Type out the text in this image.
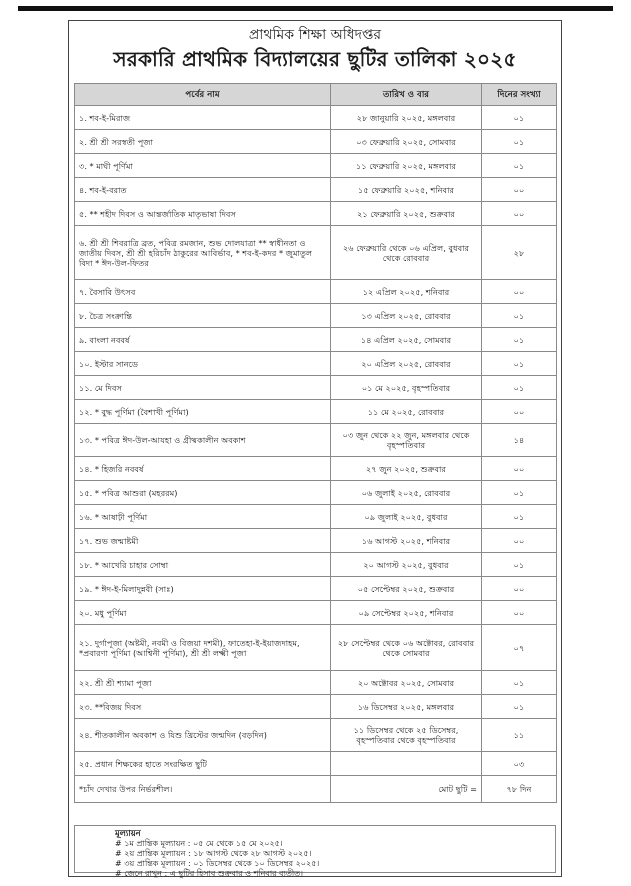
প্রাথমিক শিক্ষা অধিদপ্তর
সরকারি প্রাথমিক বিদ্যালয়ের ছুটির তালিকা ২০২৫
পর্বের নাম	তারিখ ও বার	দিনের সংখ্যা
১. শব-ই-মিরাজ	২৮ জানুয়ারি ২০২৫, মঙ্গলবার	০১
২. শ্রী শ্রী সরস্বতী পূজা	০৩ ফেব্রুয়ারি ২০২৫, সোমবার	০১
৩. * মাঘী পূর্ণিমা	১১ ফেব্রুয়ারি ২০২৫, মঙ্গলবার	০১
৪. শব-ই-বরাত	১৫ ফেব্রুয়ারি ২০২৫, শনিবার	০০
৫. ** শহীদ দিবস ও আন্তর্জাতিক মাতৃভাষা দিবস	২১ ফেব্রুয়ারি ২০২৫, শুক্রবার	০০
৬. শ্রী শ্রী শিবরাত্রি ব্রত, পবিত্র রমজান, শুভ দোলযাত্রা ** স্বাধীনতা ও জাতীয় দিবস, শ্রী শ্রী হরিচাঁদ ঠাকুরের আবির্ভাব, * শব-ই-কদর * জুমাতুল বিদা * ঈদ-উল-ফিতর	২৬ ফেব্রুয়ারি থেকে ০৬ এপ্রিল, বুধবার থেকে রোববার	২৮
৭. বৈসাবি উৎসব	১২ এপ্রিল ২০২৫, শনিবার	০০
৮. চৈত্র সংক্রান্তি	১৩ এপ্রিল ২০২৫, রোববার	০১
৯. বাংলা নববর্ষ	১৪ এপ্রিল ২০২৫, সোমবার	০১
১০. ইস্টার সানডে	২০ এপ্রিল ২০২৫, রোববার	০১
১১. মে দিবস	০১ মে ২০২৫, বৃহস্পতিবার	০১
১২. * বুদ্ধ পূর্ণিমা (বৈশাখী পূর্ণিমা)	১১ মে ২০২৫, রোববার	০০
১৩. * পবিত্র ঈদ-উল-আযহা ও গ্রীষ্মকালীন অবকাশ	০৩ জুন থেকে ২২ জুন, মঙ্গলবার থেকে বৃহস্পতিবার	১৪
১৪. * হিজরি নববর্ষ	২৭ জুন ২০২৫, শুক্রবার	০০
১৫. * পবিত্র আশুরা (মহররম)	০৬ জুলাই ২০২৫, রোববার	০১
১৬. * আষাঢ়ী পূর্ণিমা	০৯ জুলাই ২০২৫, বুধবার	০১
১৭. শুভ জন্মাষ্টমী	১৬ আগস্ট ২০২৫, শনিবার	০০
১৮. * আখেরি চাহার সোম্বা	২০ আগস্ট ২০২৫, বুধবার	০১
১৯. * ঈদ-ই-মিলাদুন্নবী (সাঃ)	০৫ সেপ্টেম্বর ২০২৫, শুক্রবার	০০
২০. মধু পূর্ণিমা	০৯ সেপ্টেম্বর ২০২৫, শনিবার	০০
২১. দুর্গাপূজা (অষ্টমী, নবমী ও বিজয়া দশমী), ফাতেহা-ই-ইয়াজদাহম, *প্রবারণা পূর্ণিমা (আশ্বিনী পূর্ণিমা), শ্রী শ্রী লক্ষ্মী পূজা	২৮ সেপ্টেম্বর থেকে ০৬ অক্টোবর, রোববার থেকে সোমবার	০৭
২২. শ্রী শ্রী শ্যামা পূজা	২০ অক্টোবর ২০২৫, সোমবার	০১
২৩. **বিজয় দিবস	১৬ ডিসেম্বর ২০২৫, মঙ্গলবার	০১
২৪. শীতকালীন অবকাশ ও যিশু খ্রিস্টের জন্মদিন (বড়দিন)	১১ ডিসেম্বর থেকে ২৫ ডিসেম্বর, বৃহস্পতিবার থেকে বৃহস্পতিবার	১১
২৫. প্রধান শিক্ষকের হাতে সংরক্ষিত ছুটি		০৩
*চাঁদ দেখার উপর নির্ভরশীল।	মোট ছুটি =	৭৮ দিন
মূল্যায়ন
# ১ম প্রান্তিক মূল্যায়ন : ০৫ মে থেকে ১৫ মে ২০২৫।
# ২য় প্রান্তিক মূল্যায়ন : ১৮ আগস্ট থেকে ২৮ আগস্ট ২০২৫।
# ৩য় প্রান্তিক মূল্যায়ন : ০১ ডিসেম্বর থেকে ১০ ডিসেম্বর ২০২৫।
# জেনে রাখুন : এ ছুটির হিসাব শুক্রবার ও শনিবার ব্যতীত।
